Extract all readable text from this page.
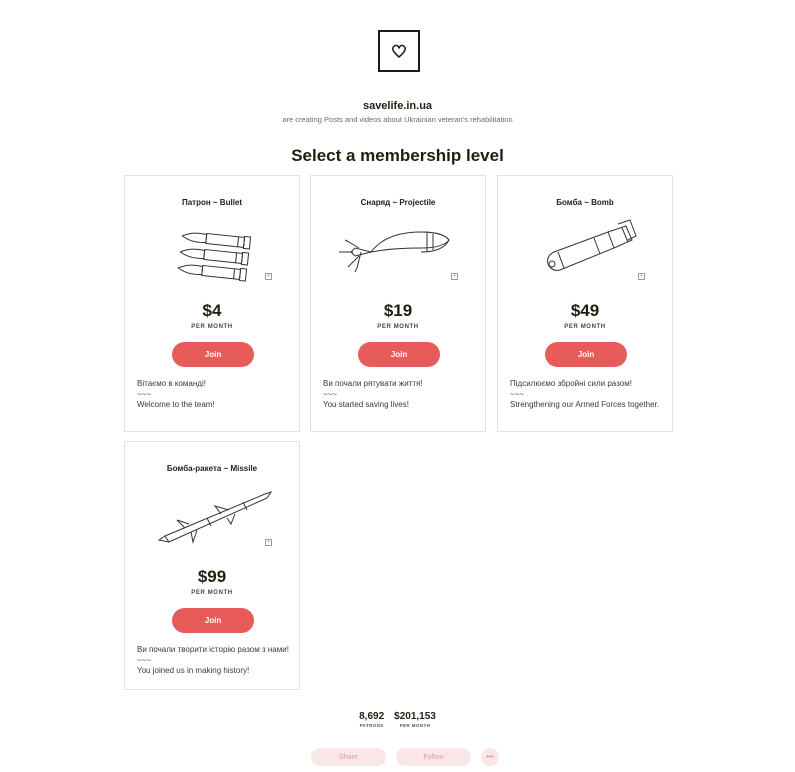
savelife.in.ua
are creating Posts and videos about Ukrainian veteran's rehabilitation
Select a membership level
Патрон ~ Bullet
+
$4
PER MONTH
Join
Вітаємо в команді!
~~~
Welcome to the team!
Снаряд ~ Projectile
+
$19
PER MONTH
Join
Ви почали рятувати життя!
~~~
You started saving lives!
Бомба ~ Bomb
+
$49
PER MONTH
Join
Підсилюємо збройні сили разом!
~~~
Strengthening our Armed Forces together.
Бомба-ракета ~ Missile
+
$99
PER MONTH
Join
Ви почали творити історію разом з нами!
~~~
You joined us in making history!
8,692
PATRONS
$201,153
PER MONTH
Share	Follow	•••
